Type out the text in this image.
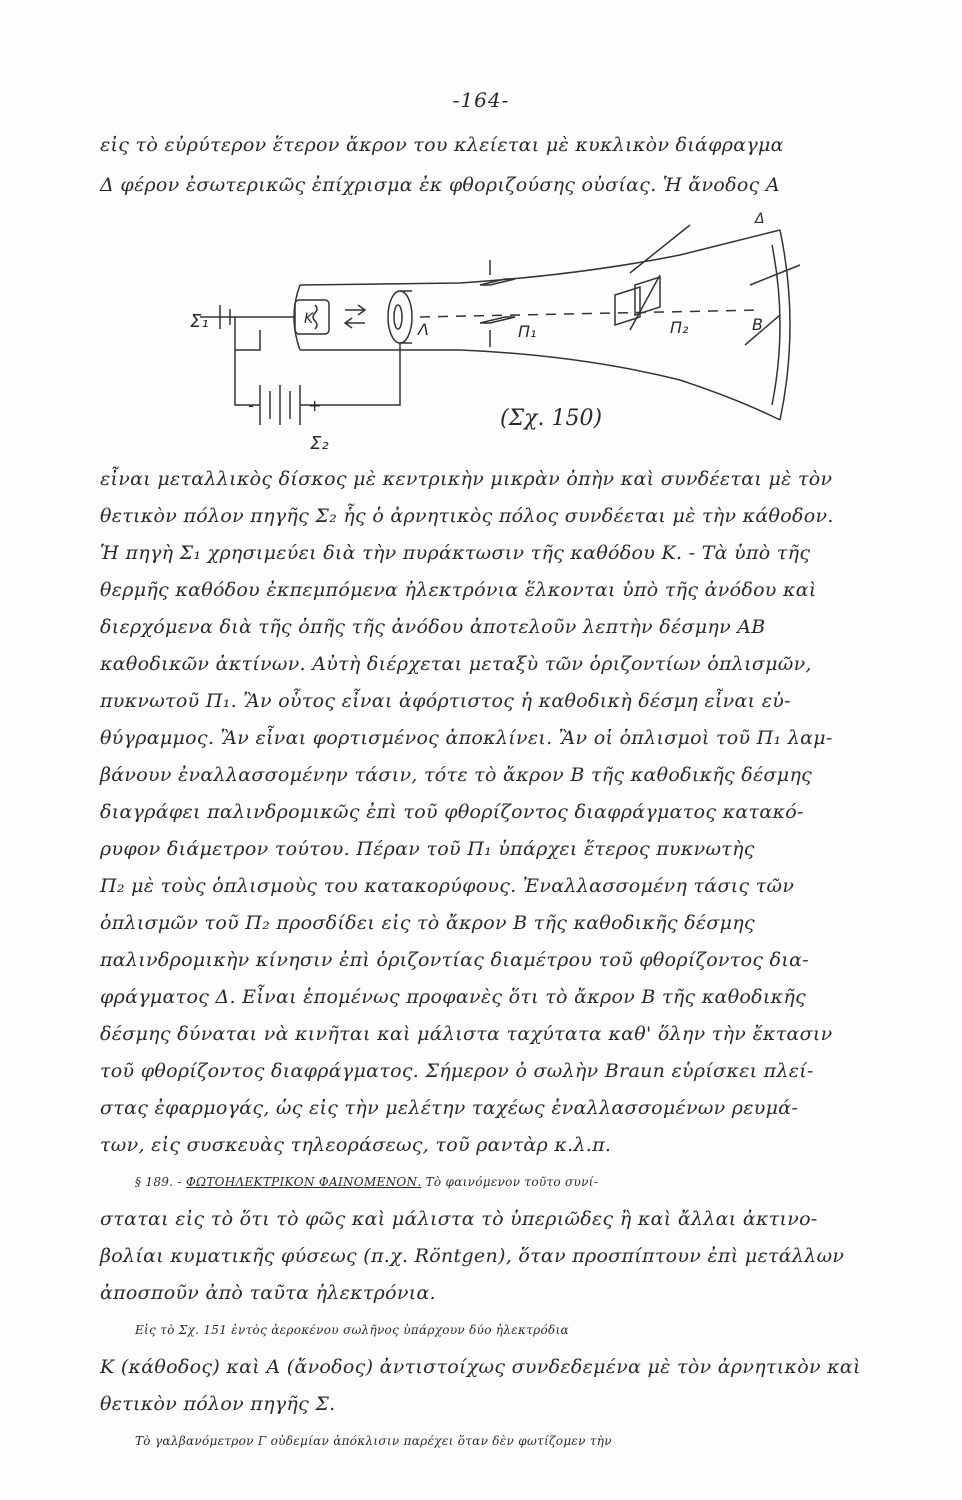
-164-
εἰς τὸ εὐρύτερον ἕτερον ἄκρον του κλείεται μὲ κυκλικὸν διάφραγμα
Δ φέρον ἐσωτερικῶς ἐπίχρισμα ἐκ φθοριζούσης οὐσίας. Ἡ ἄνοδος Α
Σ₁	K
Λ	Π₁	Π₂	B
Δ
Σ₂
-	+
(Σχ. 150)
εἶναι μεταλλικὸς δίσκος μὲ κεντρικὴν μικρὰν ὀπὴν καὶ συνδέεται μὲ τὸν
θετικὸν πόλον πηγῆς Σ₂ ἧς ὁ ἀρνητικὸς πόλος συνδέεται μὲ τὴν κάθοδον.
Ἡ πηγὴ Σ₁ χρησιμεύει διὰ τὴν πυράκτωσιν τῆς καθόδου Κ. - Τὰ ὑπὸ τῆς
θερμῆς καθόδου ἐκπεμπόμενα ἠλεκτρόνια ἕλκονται ὑπὸ τῆς ἀνόδου καὶ
διερχόμενα διὰ τῆς ὀπῆς τῆς ἀνόδου ἀποτελοῦν λεπτὴν δέσμην ΑΒ
καθοδικῶν ἀκτίνων. Αὐτὴ διέρχεται μεταξὺ τῶν ὁριζοντίων ὁπλισμῶν,
πυκνωτοῦ Π₁. Ἂν οὗτος εἶναι ἀφόρτιστος ἡ καθοδικὴ δέσμη εἶναι εὐ-
θύγραμμος. Ἂν εἶναι φορτισμένος ἀποκλίνει. Ἂν οἱ ὁπλισμοὶ τοῦ Π₁ λαμ-
βάνουν ἐναλλασσομένην τάσιν, τότε τὸ ἄκρον Β τῆς καθοδικῆς δέσμης
διαγράφει παλινδρομικῶς ἐπὶ τοῦ φθορίζοντος διαφράγματος κατακό-
ρυφον διάμετρον τούτου. Πέραν τοῦ Π₁ ὑπάρχει ἕτερος πυκνωτὴς
Π₂ μὲ τοὺς ὁπλισμοὺς του κατακορύφους. Ἐναλλασσομένη τάσις τῶν
ὁπλισμῶν τοῦ Π₂ προσδίδει εἰς τὸ ἄκρον Β τῆς καθοδικῆς δέσμης
παλινδρομικὴν κίνησιν ἐπὶ ὁριζοντίας διαμέτρου τοῦ φθορίζοντος δια-
φράγματος Δ. Εἶναι ἑπομένως προφανὲς ὅτι τὸ ἄκρον Β τῆς καθοδικῆς
δέσμης δύναται νὰ κινῆται καὶ μάλιστα ταχύτατα καθ' ὅλην τὴν ἔκτασιν
τοῦ φθορίζοντος διαφράγματος. Σήμερον ὁ σωλὴν Braun εὑρίσκει πλεί-
στας ἐφαρμογάς, ὡς εἰς τὴν μελέτην ταχέως ἐναλλασσομένων ρευμά-
των, εἰς συσκευὰς τηλεοράσεως, τοῦ ραντὰρ κ.λ.π.
§ 189. - ΦΩΤΟΗΛΕΚΤΡΙΚΟΝ ΦΑΙΝΟΜΕΝΟΝ. Τὸ φαινόμενον τοῦτο συνί-
σταται εἰς τὸ ὅτι τὸ φῶς καὶ μάλιστα τὸ ὑπεριῶδες ἢ καὶ ἄλλαι ἀκτινο-
βολίαι κυματικῆς φύσεως (π.χ. Röntgen), ὅταν προσπίπτουν ἐπὶ μετάλλων
ἀποσποῦν ἀπὸ ταῦτα ἠλεκτρόνια.
Εἰς τὸ Σχ. 151 ἐντὸς ἀεροκένου σωλῆνος ὑπάρχουν δύο ἠλεκτρόδια
Κ (κάθοδος) καὶ Α (ἄνοδος) ἀντιστοίχως συνδεδεμένα μὲ τὸν ἀρνητικὸν καὶ
θετικὸν πόλον πηγῆς Σ.
Τὸ γαλβανόμετρον Γ οὐδεμίαν ἀπόκλισιν παρέχει ὅταν δὲν φωτίζομεν τὴν
